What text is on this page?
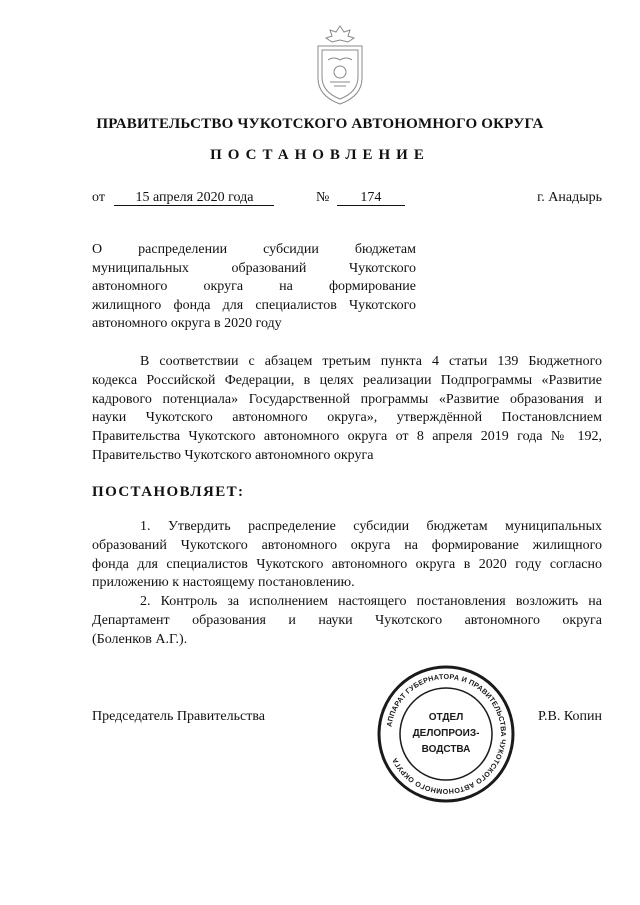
ПРАВИТЕЛЬСТВО ЧУКОТСКОГО АВТОНОМНОГО ОКРУГА
ПОСТАНОВЛЕНИЕ
от 15 апреля 2020 года	№ 174	г. Анадырь
О распределении субсидии бюджетам
муниципальных образований Чукотского
автономного округа на формирование
жилищного фонда для специалистов Чукотского
автономного округа в 2020 году
В соответствии с абзацем третьим пункта 4 статьи 139 Бюджетного
кодекса Российской Федерации, в целях реализации Подпрограммы «Развитие
кадрового потенциала» Государственной программы «Развитие образования и
науки Чукотского автономного округа», утверждённой Постановлснием
Правительства Чукотского автономного округа от 8 апреля 2019 года № 192,
Правительство Чукотского автономного округа
ПОСТАНОВЛЯЕТ:
1. Утвердить распределение субсидии бюджетам муниципальных
образований Чукотского автономного округа на формирование жилищного
фонда для специалистов Чукотского автономного округа в 2020 году согласно
приложению к настоящему постановлению.
2. Контроль за исполнением настоящего постановления возложить на
Департамент образования и науки Чукотского автономного округа
(Боленков А.Г.).
Председатель Правительства	Р.В. Копин
АППАРАТ ГУБЕРНАТОРА И ПРАВИТЕЛЬСТВА ЧУКОТСКОГО АВТОНОМНОГО ОКРУГА
ОТДЕЛ
ДЕЛОПРОИЗ-
ВОДСТВА
